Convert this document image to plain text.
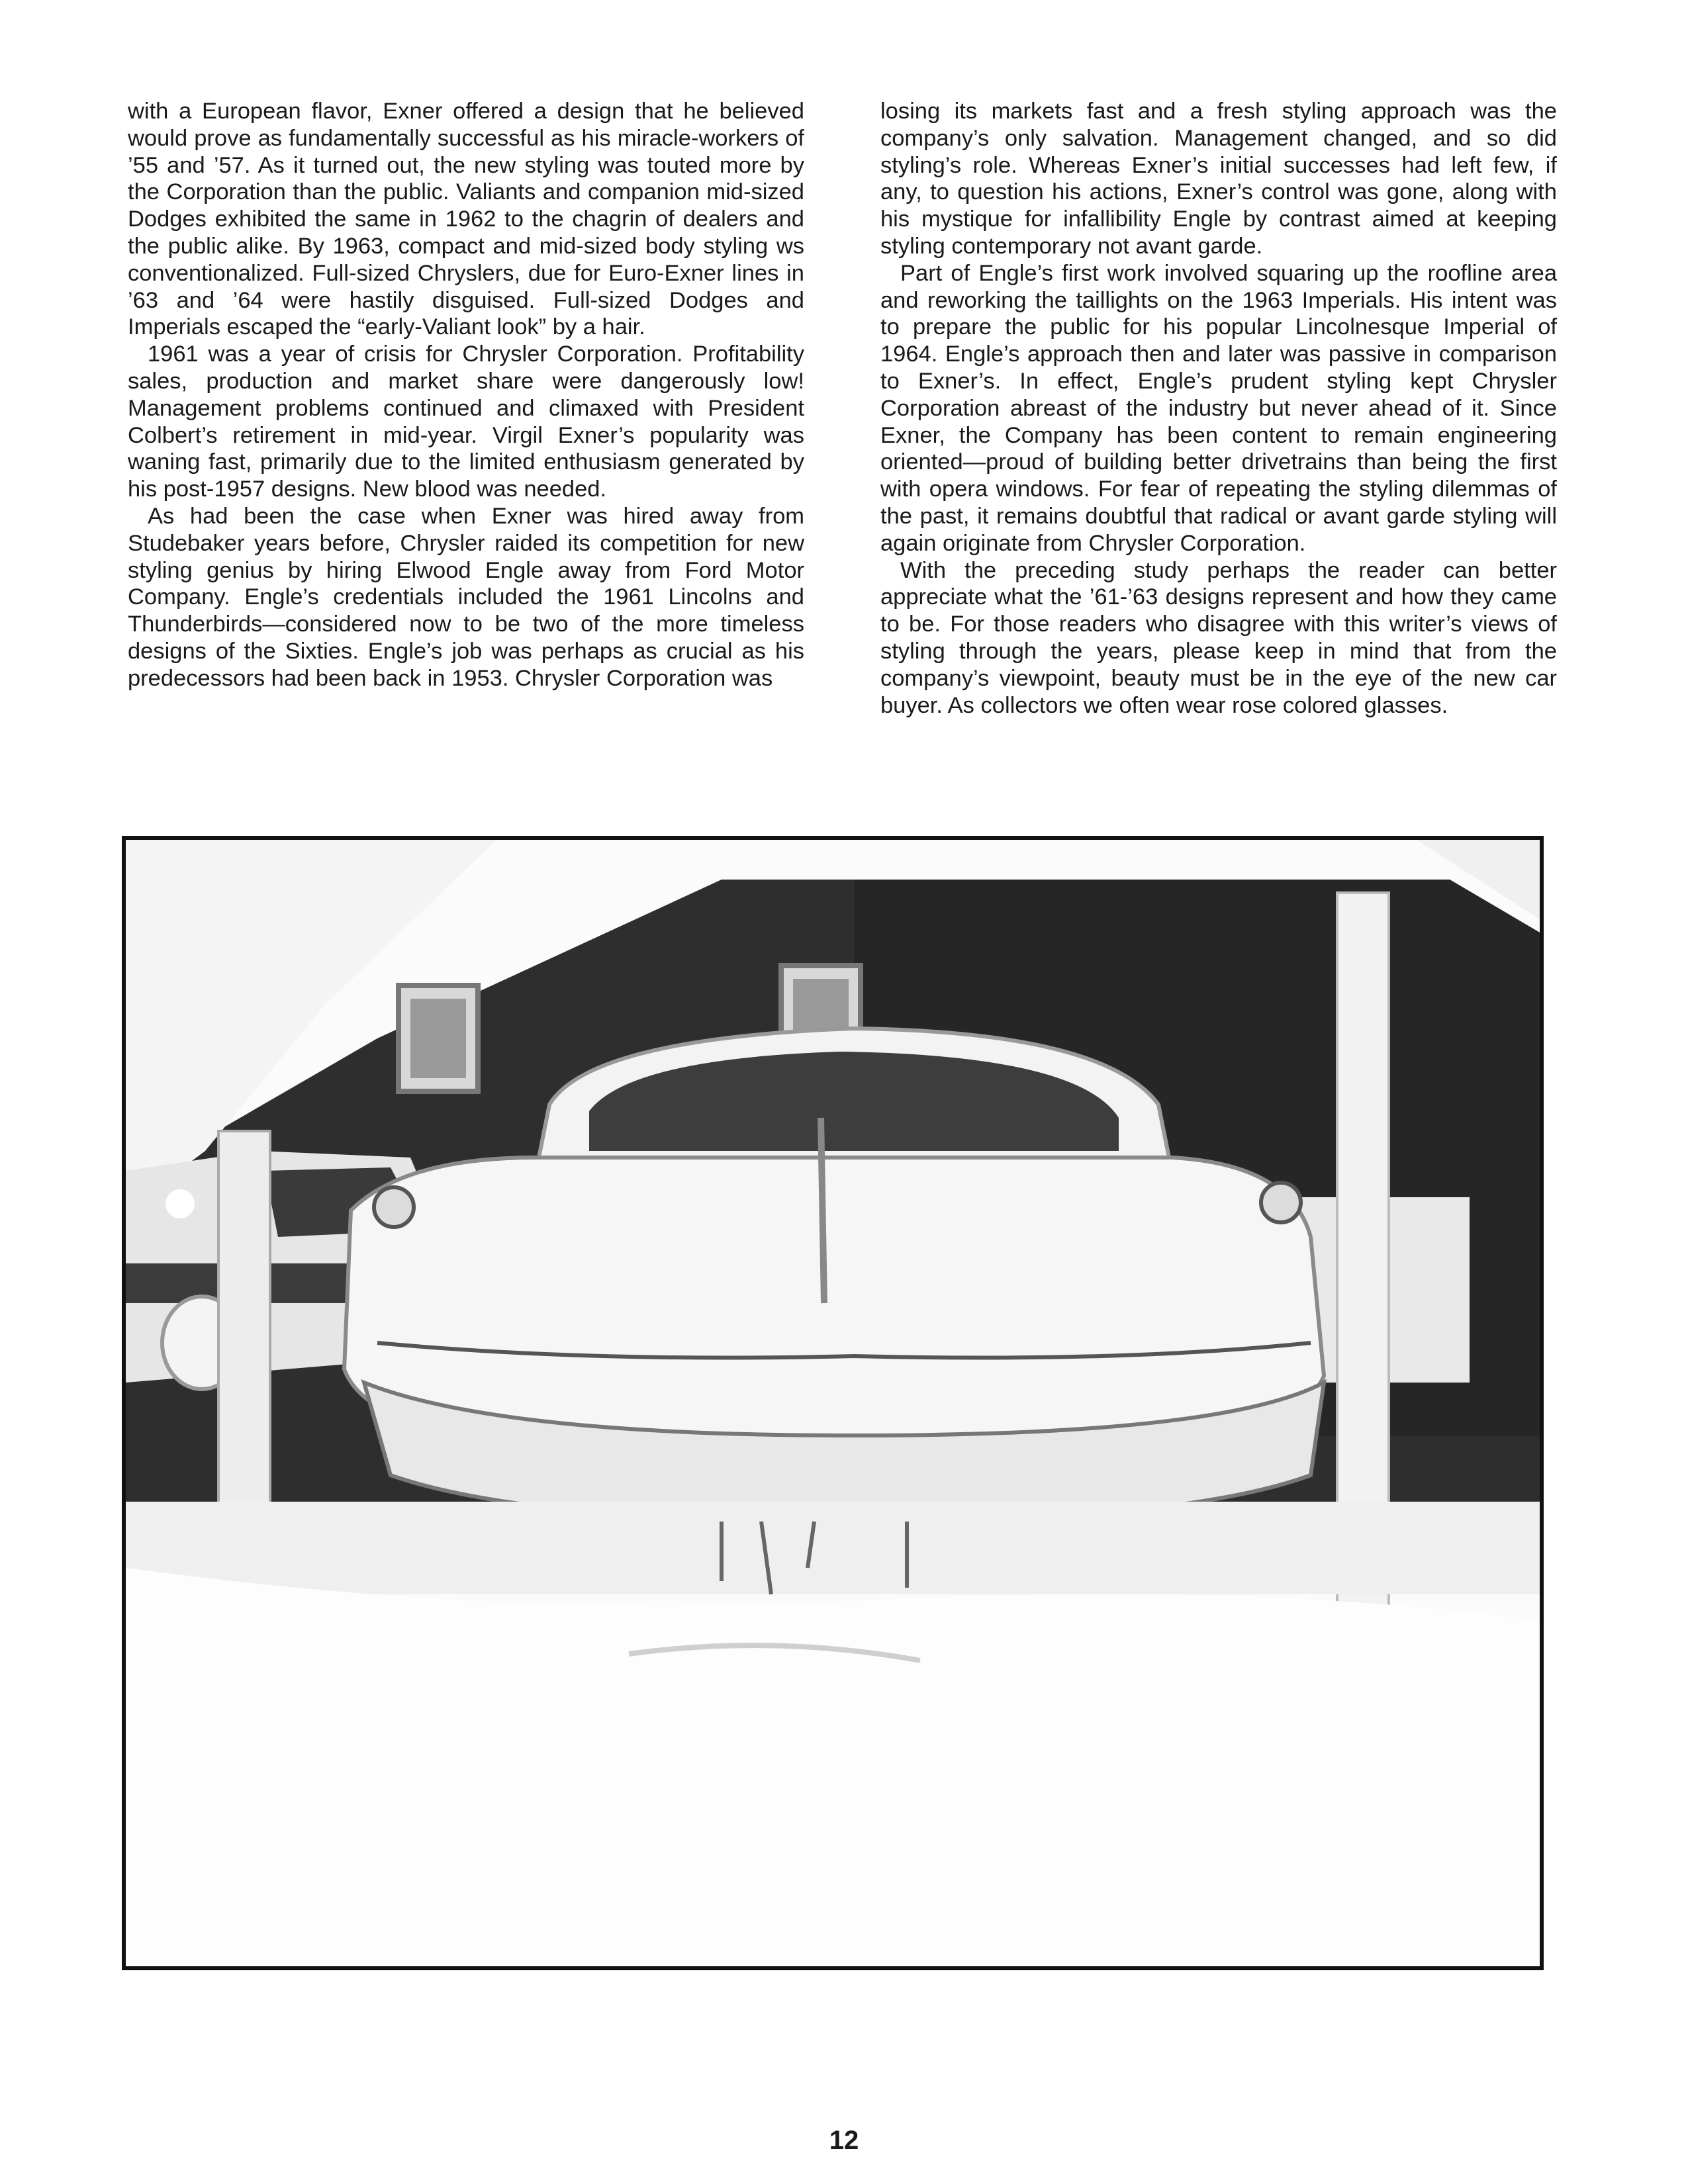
with a European flavor, Exner offered a design that he believed would prove as fundamentally successful as his miracle-workers of ’55 and ’57. As it turned out, the new styling was touted more by the Corporation than the public. Valiants and companion mid-sized Dodges exhibited the same in 1962 to the chagrin of dealers and the public alike. By 1963, compact and mid-sized body styling ws conventionalized. Full-sized Chryslers, due for Euro-Exner lines in ’63 and ’64 were hastily disguised. Full-sized Dodges and Imperials escaped the “early-Valiant look” by a hair.

1961 was a year of crisis for Chrysler Corporation. Profitability sales, production and market share were dangerously low! Management problems continued and climaxed with President Colbert’s retirement in mid-year. Virgil Exner’s popularity was waning fast, primarily due to the limited enthusiasm generated by his post-1957 designs. New blood was needed.

As had been the case when Exner was hired away from Studebaker years before, Chrysler raided its competition for new styling genius by hiring Elwood Engle away from Ford Motor Company. Engle’s credentials included the 1961 Lincolns and Thunderbirds—considered now to be two of the more timeless designs of the Sixties. Engle’s job was perhaps as crucial as his predecessors had been back in 1953. Chrysler Corporation was

losing its markets fast and a fresh styling approach was the company’s only salvation. Management changed, and so did styling’s role. Whereas Exner’s initial successes had left few, if any, to question his actions, Exner’s control was gone, along with his mystique for infallibility Engle by contrast aimed at keeping styling contemporary not avant garde.

Part of Engle’s first work involved squaring up the roofline area and reworking the taillights on the 1963 Imperials. His intent was to prepare the public for his popular Lincolnesque Imperial of 1964. Engle’s approach then and later was passive in comparison to Exner’s. In effect, Engle’s prudent styling kept Chrysler Corporation abreast of the industry but never ahead of it. Since Exner, the Company has been content to remain engineering oriented—proud of building better drivetrains than being the first with opera windows. For fear of repeating the styling dilemmas of the past, it remains doubtful that radical or avant garde styling will again originate from Chrysler Corporation.

With the preceding study perhaps the reader can better appreciate what the ’61-’63 designs represent and how they came to be. For those readers who disagree with this writer’s views of styling through the years, please keep in mind that from the company’s viewpoint, beauty must be in the eye of the new car buyer. As collectors we often wear rose colored glasses.

12
